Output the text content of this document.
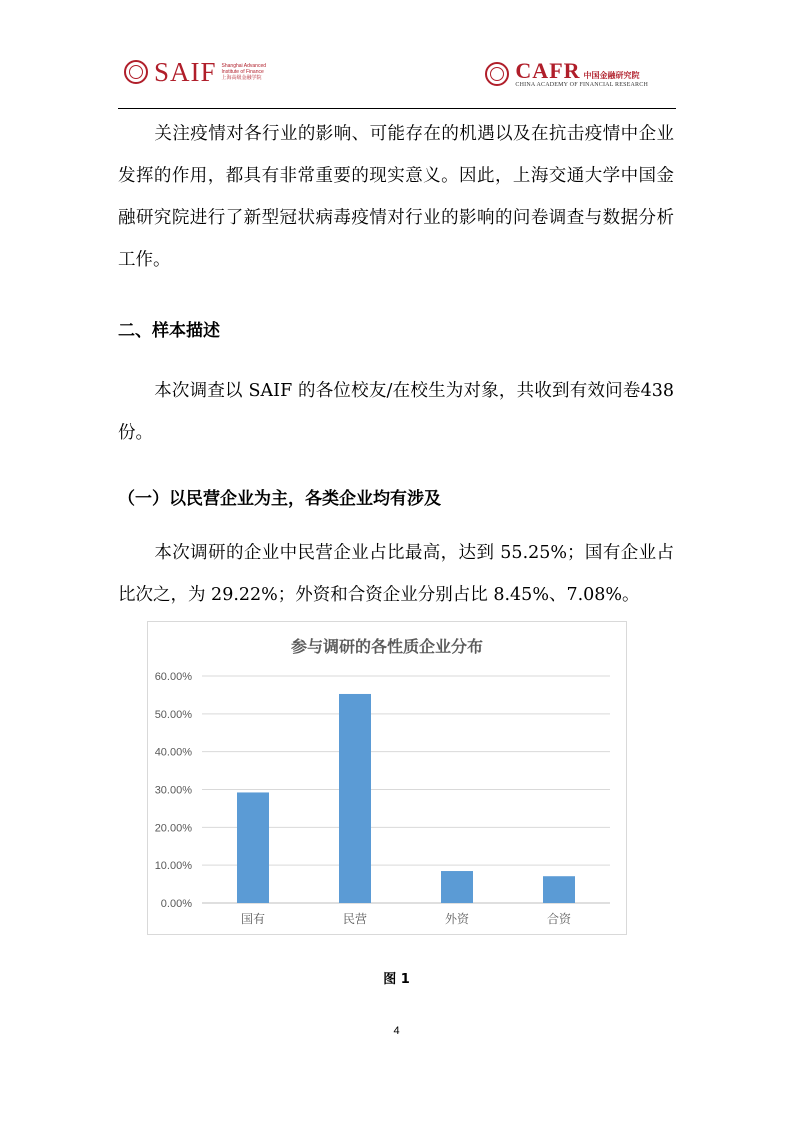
SAIF Shanghai Advanced Institute of Finance
上海高级金融学院	CAFR 中国金融研究院
CHINA ACADEMY OF FINANCIAL RESEARCH
关注疫情对各行业的影响、可能存在的机遇以及在抗击疫情中企业发挥的作用，都具有非常重要的现实意义。因此，上海交通大学中国金融研究院进行了新型冠状病毒疫情对行业的影响的问卷调查与数据分析工作。
二、样本描述
本次调查以 SAIF 的各位校友/在校生为对象，共收到有效问卷438 份。
（一）以民营企业为主，各类企业均有涉及
本次调研的企业中民营企业占比最高，达到 55.25%；国有企业占比次之，为 29.22%；外资和合资企业分别占比 8.45%、7.08%。
参与调研的各性质企业分布
0.00%
10.00%
20.00%
30.00%
40.00%
50.00%
60.00%
国有	民营	外资	合资
图 1
4
